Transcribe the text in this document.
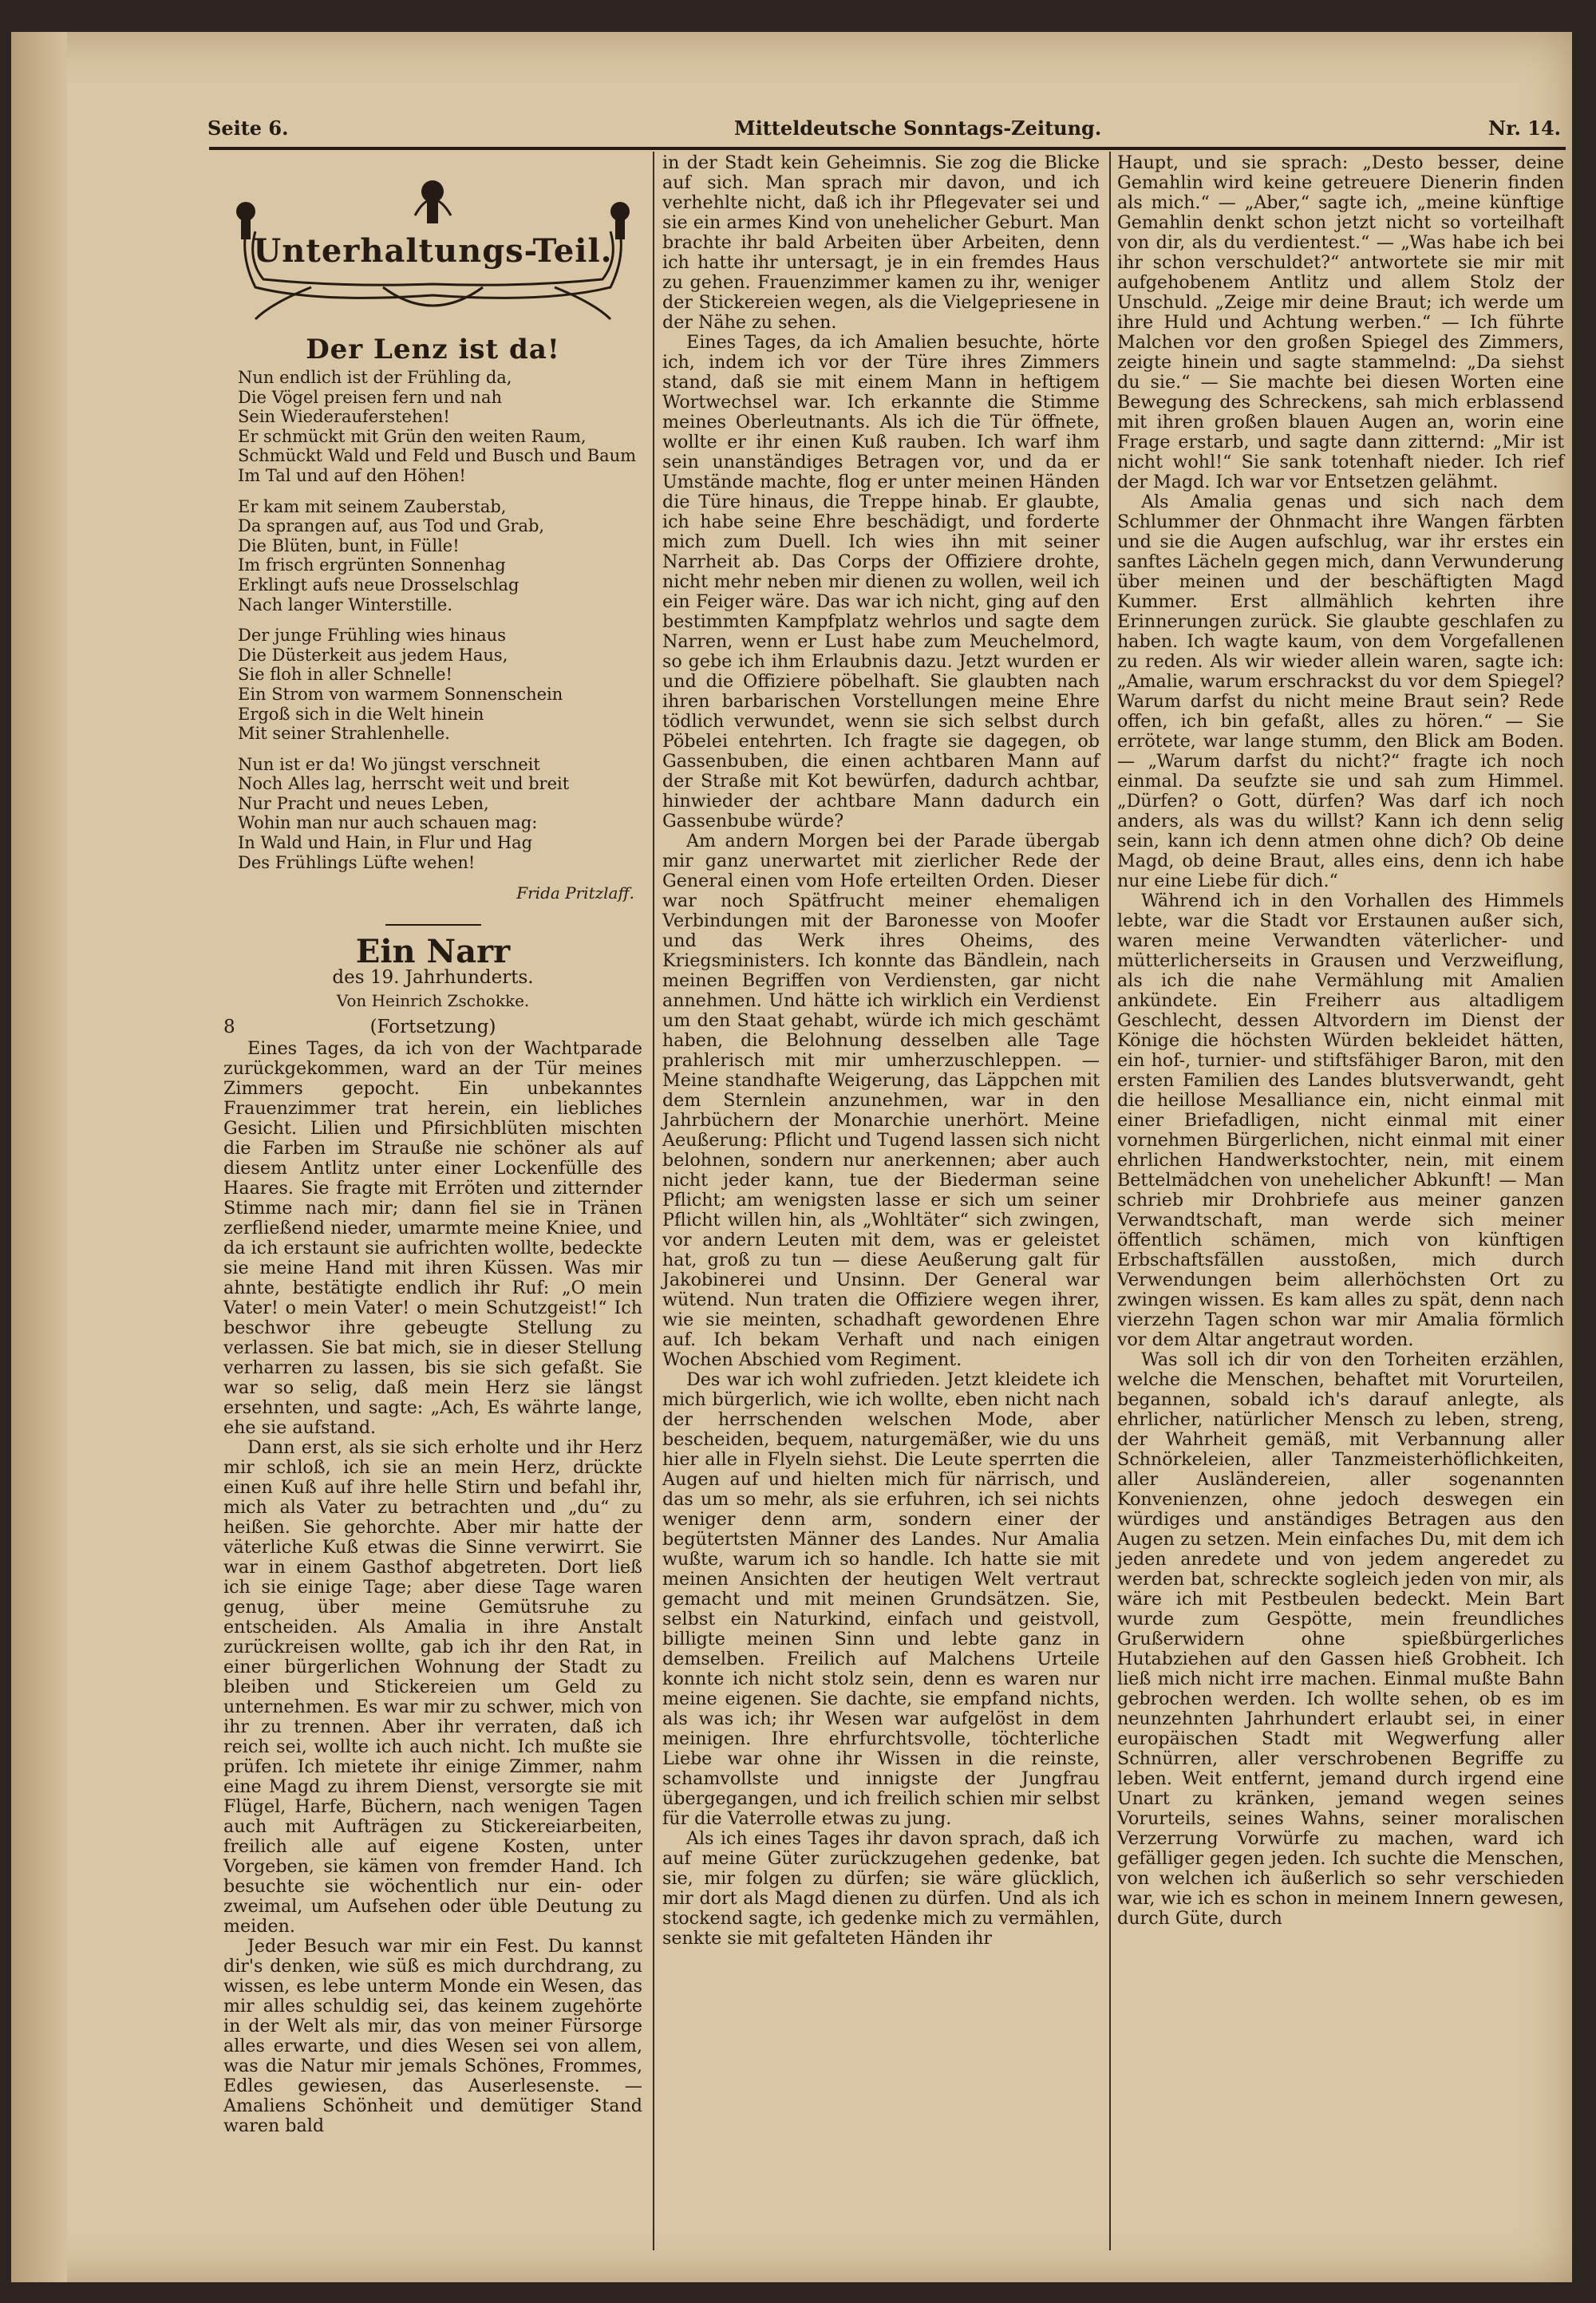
Seite 6.	Mitteldeutsche Sonntags-Zeitung.	Nr. 14.
Unterhaltungs-Teil.
Der Lenz ist da!
Nun endlich ist der Frühling da,
Die Vögel preisen fern und nah
Sein Wiederauferstehen!
Er schmückt mit Grün den weiten Raum,
Schmückt Wald und Feld und Busch und Baum
Im Tal und auf den Höhen!
Er kam mit seinem Zauberstab,
Da sprangen auf, aus Tod und Grab,
Die Blüten, bunt, in Fülle!
Im frisch ergrünten Sonnenhag
Erklingt aufs neue Drosselschlag
Nach langer Winterstille.
Der junge Frühling wies hinaus
Die Düsterkeit aus jedem Haus,
Sie floh in aller Schnelle!
Ein Strom von warmem Sonnenschein
Ergoß sich in die Welt hinein
Mit seiner Strahlenhelle.
Nun ist er da! Wo jüngst verschneit
Noch Alles lag, herrscht weit und breit
Nur Pracht und neues Leben,
Wohin man nur auch schauen mag:
In Wald und Hain, in Flur und Hag
Des Frühlings Lüfte wehen!
Frida Pritzlaff.
Ein Narr
des 19. Jahrhunderts.
Von Heinrich Zschokke.
8	(Fortsetzung)

Eines Tages, da ich von der Wachtparade zurückgekommen, ward an der Tür meines Zimmers gepocht. Ein unbekanntes Frauenzimmer trat herein, ein liebliches Gesicht. Lilien und Pfirsichblüten mischten die Farben im Strauße nie schöner als auf diesem Antlitz unter einer Lockenfülle des Haares. Sie fragte mit Erröten und zitternder Stimme nach mir; dann fiel sie in Tränen zerfließend nieder, umarmte meine Kniee, und da ich erstaunt sie aufrichten wollte, bedeckte sie meine Hand mit ihren Küssen. Was mir ahnte, bestätigte endlich ihr Ruf: „O mein Vater! o mein Vater! o mein Schutzgeist!“ Ich beschwor ihre gebeugte Stellung zu verlassen. Sie bat mich, sie in dieser Stellung verharren zu lassen, bis sie sich gefaßt. Sie war so selig, daß mein Herz sie längst ersehnten, und sagte: „Ach, Es währte lange, ehe sie aufstand.

Dann erst, als sie sich erholte und ihr Herz mir schloß, ich sie an mein Herz, drückte einen Kuß auf ihre helle Stirn und befahl ihr, mich als Vater zu betrachten und „du“ zu heißen. Sie gehorchte. Aber mir hatte der väterliche Kuß etwas die Sinne verwirrt. Sie war in einem Gasthof abgetreten. Dort ließ ich sie einige Tage; aber diese Tage waren genug, über meine Gemütsruhe zu entscheiden. Als Amalia in ihre Anstalt zurückreisen wollte, gab ich ihr den Rat, in einer bürgerlichen Wohnung der Stadt zu bleiben und Stickereien um Geld zu unternehmen. Es war mir zu schwer, mich von ihr zu trennen. Aber ihr verraten, daß ich reich sei, wollte ich auch nicht. Ich mußte sie prüfen. Ich mietete ihr einige Zimmer, nahm eine Magd zu ihrem Dienst, versorgte sie mit Flügel, Harfe, Büchern, nach wenigen Tagen auch mit Aufträgen zu Stickereiarbeiten, freilich alle auf eigene Kosten, unter Vorgeben, sie kämen von fremder Hand. Ich besuchte sie wöchentlich nur ein- oder zweimal, um Aufsehen oder üble Deutung zu meiden.

Jeder Besuch war mir ein Fest. Du kannst dir's denken, wie süß es mich durchdrang, zu wissen, es lebe unterm Monde ein Wesen, das mir alles schuldig sei, das keinem zugehörte in der Welt als mir, das von meiner Fürsorge alles erwarte, und dies Wesen sei von allem, was die Natur mir jemals Schönes, Frommes, Edles gewiesen, das Auserlesenste. — Amaliens Schönheit und demütiger Stand waren bald

in der Stadt kein Geheimnis. Sie zog die Blicke auf sich. Man sprach mir davon, und ich verhehlte nicht, daß ich ihr Pflegevater sei und sie ein armes Kind von unehelicher Geburt. Man brachte ihr bald Arbeiten über Arbeiten, denn ich hatte ihr untersagt, je in ein fremdes Haus zu gehen. Frauenzimmer kamen zu ihr, weniger der Stickereien wegen, als die Vielgepriesene in der Nähe zu sehen.

Eines Tages, da ich Amalien besuchte, hörte ich, indem ich vor der Türe ihres Zimmers stand, daß sie mit einem Mann in heftigem Wortwechsel war. Ich erkannte die Stimme meines Oberleutnants. Als ich die Tür öffnete, wollte er ihr einen Kuß rauben. Ich warf ihm sein unanständiges Betragen vor, und da er Umstände machte, flog er unter meinen Händen die Türe hinaus, die Treppe hinab. Er glaubte, ich habe seine Ehre beschädigt, und forderte mich zum Duell. Ich wies ihn mit seiner Narrheit ab. Das Corps der Offiziere drohte, nicht mehr neben mir dienen zu wollen, weil ich ein Feiger wäre. Das war ich nicht, ging auf den bestimmten Kampfplatz wehrlos und sagte dem Narren, wenn er Lust habe zum Meuchelmord, so gebe ich ihm Erlaubnis dazu. Jetzt wurden er und die Offiziere pöbelhaft. Sie glaubten nach ihren barbarischen Vorstellungen meine Ehre tödlich verwundet, wenn sie sich selbst durch Pöbelei entehrten. Ich fragte sie dagegen, ob Gassenbuben, die einen achtbaren Mann auf der Straße mit Kot bewürfen, dadurch achtbar, hinwieder der achtbare Mann dadurch ein Gassenbube würde?

Am andern Morgen bei der Parade übergab mir ganz unerwartet mit zierlicher Rede der General einen vom Hofe erteilten Orden. Dieser war noch Spätfrucht meiner ehemaligen Verbindungen mit der Baronesse von Moofer und das Werk ihres Oheims, des Kriegsministers. Ich konnte das Bändlein, nach meinen Begriffen von Verdiensten, gar nicht annehmen. Und hätte ich wirklich ein Verdienst um den Staat gehabt, würde ich mich geschämt haben, die Belohnung desselben alle Tage prahlerisch mit mir umherzuschleppen. — Meine standhafte Weigerung, das Läppchen mit dem Sternlein anzunehmen, war in den Jahrbüchern der Monarchie unerhört. Meine Aeußerung: Pflicht und Tugend lassen sich nicht belohnen, sondern nur anerkennen; aber auch nicht jeder kann, tue der Biederman seine Pflicht; am wenigsten lasse er sich um seiner Pflicht willen hin, als „Wohltäter“ sich zwingen, vor andern Leuten mit dem, was er geleistet hat, groß zu tun — diese Aeußerung galt für Jakobinerei und Unsinn. Der General war wütend. Nun traten die Offiziere wegen ihrer, wie sie meinten, schadhaft gewordenen Ehre auf. Ich bekam Verhaft und nach einigen Wochen Abschied vom Regiment.

Des war ich wohl zufrieden. Jetzt kleidete ich mich bürgerlich, wie ich wollte, eben nicht nach der herrschenden welschen Mode, aber bescheiden, bequem, naturgemäßer, wie du uns hier alle in Flyeln siehst. Die Leute sperrten die Augen auf und hielten mich für närrisch, und das um so mehr, als sie erfuhren, ich sei nichts weniger denn arm, sondern einer der begütertsten Männer des Landes. Nur Amalia wußte, warum ich so handle. Ich hatte sie mit meinen Ansichten der heutigen Welt vertraut gemacht und mit meinen Grundsätzen. Sie, selbst ein Naturkind, einfach und geistvoll, billigte meinen Sinn und lebte ganz in demselben. Freilich auf Malchens Urteile konnte ich nicht stolz sein, denn es waren nur meine eigenen. Sie dachte, sie empfand nichts, als was ich; ihr Wesen war aufgelöst in dem meinigen. Ihre ehrfurchtsvolle, töchterliche Liebe war ohne ihr Wissen in die reinste, schamvollste und innigste der Jungfrau übergegangen, und ich freilich schien mir selbst für die Vaterrolle etwas zu jung.

Als ich eines Tages ihr davon sprach, daß ich auf meine Güter zurückzugehen gedenke, bat sie, mir folgen zu dürfen; sie wäre glücklich, mir dort als Magd dienen zu dürfen. Und als ich stockend sagte, ich gedenke mich zu vermählen, senkte sie mit gefalteten Händen ihr

Haupt, und sie sprach: „Desto besser, deine Gemahlin wird keine getreuere Dienerin finden als mich.“ — „Aber,“ sagte ich, „meine künftige Gemahlin denkt schon jetzt nicht so vorteilhaft von dir, als du verdientest.“ — „Was habe ich bei ihr schon verschuldet?“ antwortete sie mir mit aufgehobenem Antlitz und allem Stolz der Unschuld. „Zeige mir deine Braut; ich werde um ihre Huld und Achtung werben.“ — Ich führte Malchen vor den großen Spiegel des Zimmers, zeigte hinein und sagte stammelnd: „Da siehst du sie.“ — Sie machte bei diesen Worten eine Bewegung des Schreckens, sah mich erblassend mit ihren großen blauen Augen an, worin eine Frage erstarb, und sagte dann zitternd: „Mir ist nicht wohl!“ Sie sank totenhaft nieder. Ich rief der Magd. Ich war vor Entsetzen gelähmt.

Als Amalia genas und sich nach dem Schlummer der Ohnmacht ihre Wangen färbten und sie die Augen aufschlug, war ihr erstes ein sanftes Lächeln gegen mich, dann Verwunderung über meinen und der beschäftigten Magd Kummer. Erst allmählich kehrten ihre Erinnerungen zurück. Sie glaubte geschlafen zu haben. Ich wagte kaum, von dem Vorgefallenen zu reden. Als wir wieder allein waren, sagte ich: „Amalie, warum erschrackst du vor dem Spiegel? Warum darfst du nicht meine Braut sein? Rede offen, ich bin gefaßt, alles zu hören.“ — Sie errötete, war lange stumm, den Blick am Boden. — „Warum darfst du nicht?“ fragte ich noch einmal. Da seufzte sie und sah zum Himmel. „Dürfen? o Gott, dürfen? Was darf ich noch anders, als was du willst? Kann ich denn selig sein, kann ich denn atmen ohne dich? Ob deine Magd, ob deine Braut, alles eins, denn ich habe nur eine Liebe für dich.“

Während ich in den Vorhallen des Himmels lebte, war die Stadt vor Erstaunen außer sich, waren meine Verwandten väterlicher- und mütterlicherseits in Grausen und Verzweiflung, als ich die nahe Vermählung mit Amalien ankündete. Ein Freiherr aus altadligem Geschlecht, dessen Altvordern im Dienst der Könige die höchsten Würden bekleidet hätten, ein hof-, turnier- und stiftsfähiger Baron, mit den ersten Familien des Landes blutsverwandt, geht die heillose Mesalliance ein, nicht einmal mit einer Briefadligen, nicht einmal mit einer vornehmen Bürgerlichen, nicht einmal mit einer ehrlichen Handwerkstochter, nein, mit einem Bettelmädchen von unehelicher Abkunft! — Man schrieb mir Drohbriefe aus meiner ganzen Verwandtschaft, man werde sich meiner öffentlich schämen, mich von künftigen Erbschaftsfällen ausstoßen, mich durch Verwendungen beim allerhöchsten Ort zu zwingen wissen. Es kam alles zu spät, denn nach vierzehn Tagen schon war mir Amalia förmlich vor dem Altar angetraut worden.

Was soll ich dir von den Torheiten erzählen, welche die Menschen, behaftet mit Vorurteilen, begannen, sobald ich's darauf anlegte, als ehrlicher, natürlicher Mensch zu leben, streng, der Wahrheit gemäß, mit Verbannung aller Schnörkeleien, aller Tanzmeisterhöflichkeiten, aller Ausländereien, aller sogenannten Konvenienzen, ohne jedoch deswegen ein würdiges und anständiges Betragen aus den Augen zu setzen. Mein einfaches Du, mit dem ich jeden anredete und von jedem angeredet zu werden bat, schreckte sogleich jeden von mir, als wäre ich mit Pestbeulen bedeckt. Mein Bart wurde zum Gespötte, mein freundliches Grußerwidern ohne spießbürgerliches Hutabziehen auf den Gassen hieß Grobheit. Ich ließ mich nicht irre machen. Einmal mußte Bahn gebrochen werden. Ich wollte sehen, ob es im neunzehnten Jahrhundert erlaubt sei, in einer europäischen Stadt mit Wegwerfung aller Schnürren, aller verschrobenen Begriffe zu leben. Weit entfernt, jemand durch irgend eine Unart zu kränken, jemand wegen seines Vorurteils, seines Wahns, seiner moralischen Verzerrung Vorwürfe zu machen, ward ich gefälliger gegen jeden. Ich suchte die Menschen, von welchen ich äußerlich so sehr verschieden war, wie ich es schon in meinem Innern gewesen, durch Güte, durch
